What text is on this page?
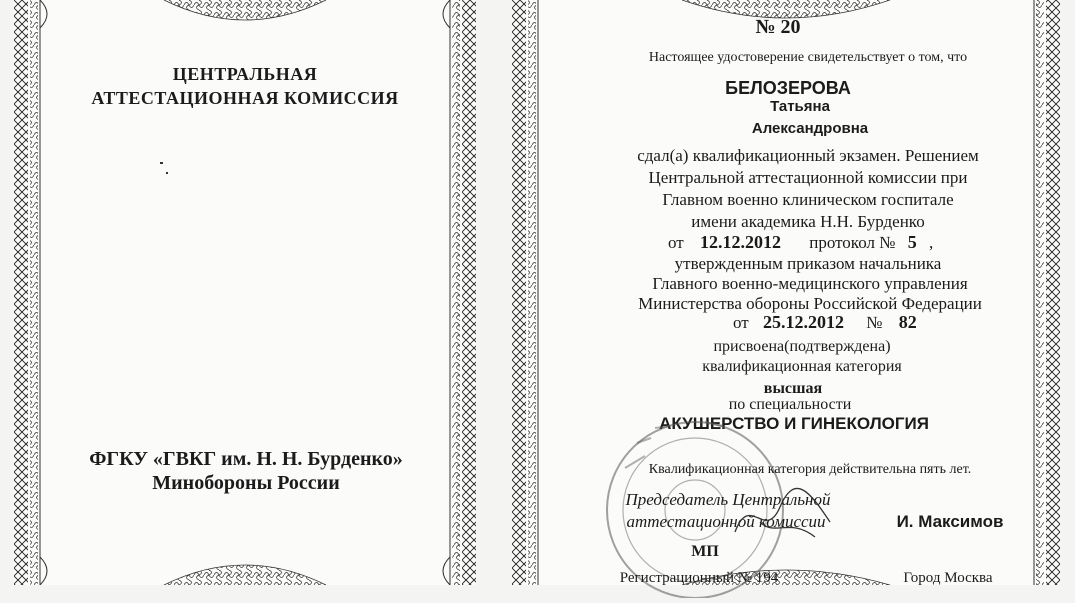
ЦЕНТРАЛЬНАЯ
АТТЕСТАЦИОННАЯ КОМИССИЯ
ФГКУ «ГВКГ им. Н. Н. Бурденко»
Минобороны России
№ 20
Настоящее удостоверение свидетельствует о том, что
БЕЛОЗЕРОВА
Татьяна
Александровна
сдал(а) квалификационный экзамен. Решением
Центральной аттестационной комиссии при
Главном военно клиническом госпитале
имени академика Н.Н. Бурденко
от 12.12.2012 протокол № 5 ,
утвержденным приказом начальника
Главного военно-медицинского управления
Министерства обороны Российской Федерации
от 25.12.2012 № 82
присвоена(подтверждена)
квалификационная категория
высшая
по специальности
АКУШЕРСТВО И ГИНЕКОЛОГИЯ
Квалификационная категория действительна пять лет.
Председатель Центральной
аттестационной комиссии	И. Максимов
МП
Регистрационный № 194	Город Москва
